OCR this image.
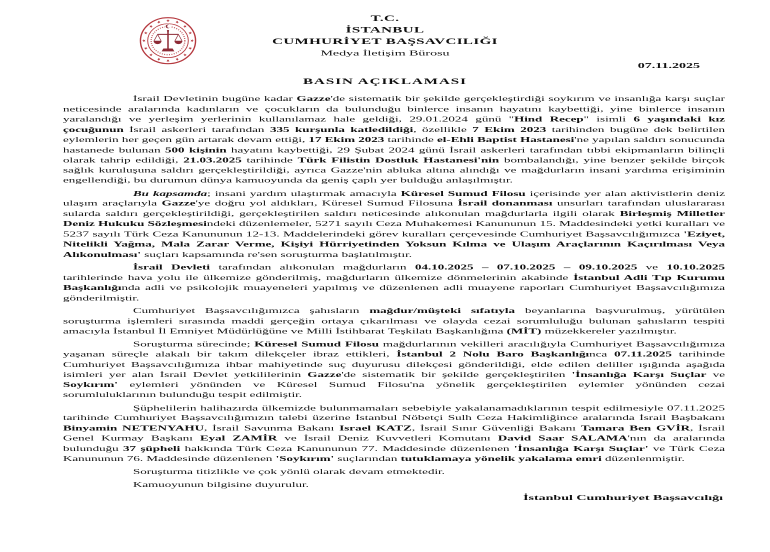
T.C.
İSTANBUL
CUMHURİYET BAŞSAVCILIĞI
Medya İletişim Bürosu
07.11.2025
BASIN AÇIKLAMASI

İsrail Devletinin bugüne kadar Gazze'de sistematik bir şekilde gerçekleştirdiği soykırım ve insanlığa karşı suçlar neticesinde aralarında kadınların ve çocukların da bulunduğu binlerce insanın hayatını kaybettiği, yine binlerce insanın yaralandığı ve yerleşim yerlerinin kullanılamaz hale geldiği, 29.01.2024 günü "Hind Recep" isimli 6 yaşındaki kız çocuğunun İsrail askerleri tarafından 335 kurşunla katledildiği, özellikle 7 Ekim 2023 tarihinden bugüne dek belirtilen eylemlerin her geçen gün artarak devam ettiği, 17 Ekim 2023 tarihinde el-Ehli Baptist Hastanesi'ne yapılan saldırı sonucunda hastanede bulunan 500 kişinin hayatını kaybettiği, 29 Şubat 2024 günü İsrail askerleri tarafından tıbbi ekipmanların bilinçli olarak tahrip edildiği, 21.03.2025 tarihinde Türk Filistin Dostluk Hastanesi'nin bombalandığı, yine benzer şekilde birçok sağlık kuruluşuna saldırı gerçekleştirildiği, ayrıca Gazze'nin abluka altına alındığı ve mağdurların insani yardıma erişiminin engellendiği, bu durumun dünya kamuoyunda da geniş çaplı yer bulduğu anlaşılmıştır.

Bu kapsamda; insani yardım ulaştırmak amacıyla Küresel Sumud Filosu içerisinde yer alan aktivistlerin deniz ulaşım araçlarıyla Gazze'ye doğru yol aldıkları, Küresel Sumud Filosuna İsrail donanması unsurları tarafından uluslararası sularda saldırı gerçekleştirildiği, gerçekleştirilen saldırı neticesinde alıkonulan mağdurlarla ilgili olarak Birleşmiş Milletler Deniz Hukuku Sözleşmesindeki düzenlemeler, 5271 sayılı Ceza Muhakemesi Kanununun 15. Maddesindeki yetki kuralları ve 5237 sayılı Türk Ceza Kanununun 12-13. Maddelerindeki görev kuralları çerçevesinde Cumhuriyet Başsavcılığımızca 'Eziyet, Nitelikli Yağma, Mala Zarar Verme, Kişiyi Hürriyetinden Yoksun Kılma ve Ulaşım Araçlarının Kaçırılması Veya Alıkonulması' suçları kapsamında re'sen soruşturma başlatılmıştır.

İsrail Devleti tarafından alıkonulan mağdurların 04.10.2025 – 07.10.2025 – 09.10.2025 ve 10.10.2025 tarihlerinde hava yolu ile ülkemize gönderilmiş, mağdurların ülkemize dönmelerinin akabinde İstanbul Adli Tıp Kurumu Başkanlığında adli ve psikolojik muayeneleri yapılmış ve düzenlenen adli muayene raporları Cumhuriyet Başsavcılığımıza gönderilmiştir.

Cumhuriyet Başsavcılığımızca şahısların mağdur/müşteki sıfatıyla beyanlarına başvurulmuş, yürütülen soruşturma işlemleri sırasında maddi gerçeğin ortaya çıkarılması ve olayda cezai sorumluluğu bulunan şahısların tespiti amacıyla İstanbul İl Emniyet Müdürlüğüne ve Milli İstihbarat Teşkilatı Başkanlığına (MİT) müzekkereler yazılmıştır.

Soruşturma sürecinde; Küresel Sumud Filosu mağdurlarının vekilleri aracılığıyla Cumhuriyet Başsavcılığımıza yaşanan süreçle alakalı bir takım dilekçeler ibraz ettikleri, İstanbul 2 Nolu Baro Başkanlığınca 07.11.2025 tarihinde Cumhuriyet Başsavcılığımıza ihbar mahiyetinde suç duyurusu dilekçesi gönderildiği, elde edilen deliller ışığında aşağıda isimleri yer alan İsrail Devlet yetkililerinin Gazze'de sistematik bir şekilde gerçekleştirilen 'İnsanlığa Karşı Suçlar ve Soykırım' eylemleri yönünden ve Küresel Sumud Filosu'na yönelik gerçekleştirilen eylemler yönünden cezai sorumluluklarının bulunduğu tespit edilmiştir.

Şüphelilerin halihazırda ülkemizde bulunmamaları sebebiyle yakalanamadıklarının tespit edilmesiyle 07.11.2025 tarihinde Cumhuriyet Başsavcılığımızın talebi üzerine İstanbul Nöbetçi Sulh Ceza Hakimliğince aralarında İsrail Başbakanı Binyamin NETENYAHU, İsrail Savunma Bakanı Israel KATZ, İsrail Sınır Güvenliği Bakanı Tamara Ben GVİR, İsrail Genel Kurmay Başkanı Eyal ZAMİR ve İsrail Deniz Kuvvetleri Komutanı David Saar SALAMA'nın da aralarında bulunduğu 37 şüpheli hakkında Türk Ceza Kanununun 77. Maddesinde düzenlenen 'İnsanlığa Karşı Suçlar' ve Türk Ceza Kanununun 76. Maddesinde düzenlenen 'Soykırım' suçlarından tutuklamaya yönelik yakalama emri düzenlenmiştir.

Soruşturma titizlikle ve çok yönlü olarak devam etmektedir.

Kamuoyunun bilgisine duyurulur.

İstanbul Cumhuriyet Başsavcılığı
